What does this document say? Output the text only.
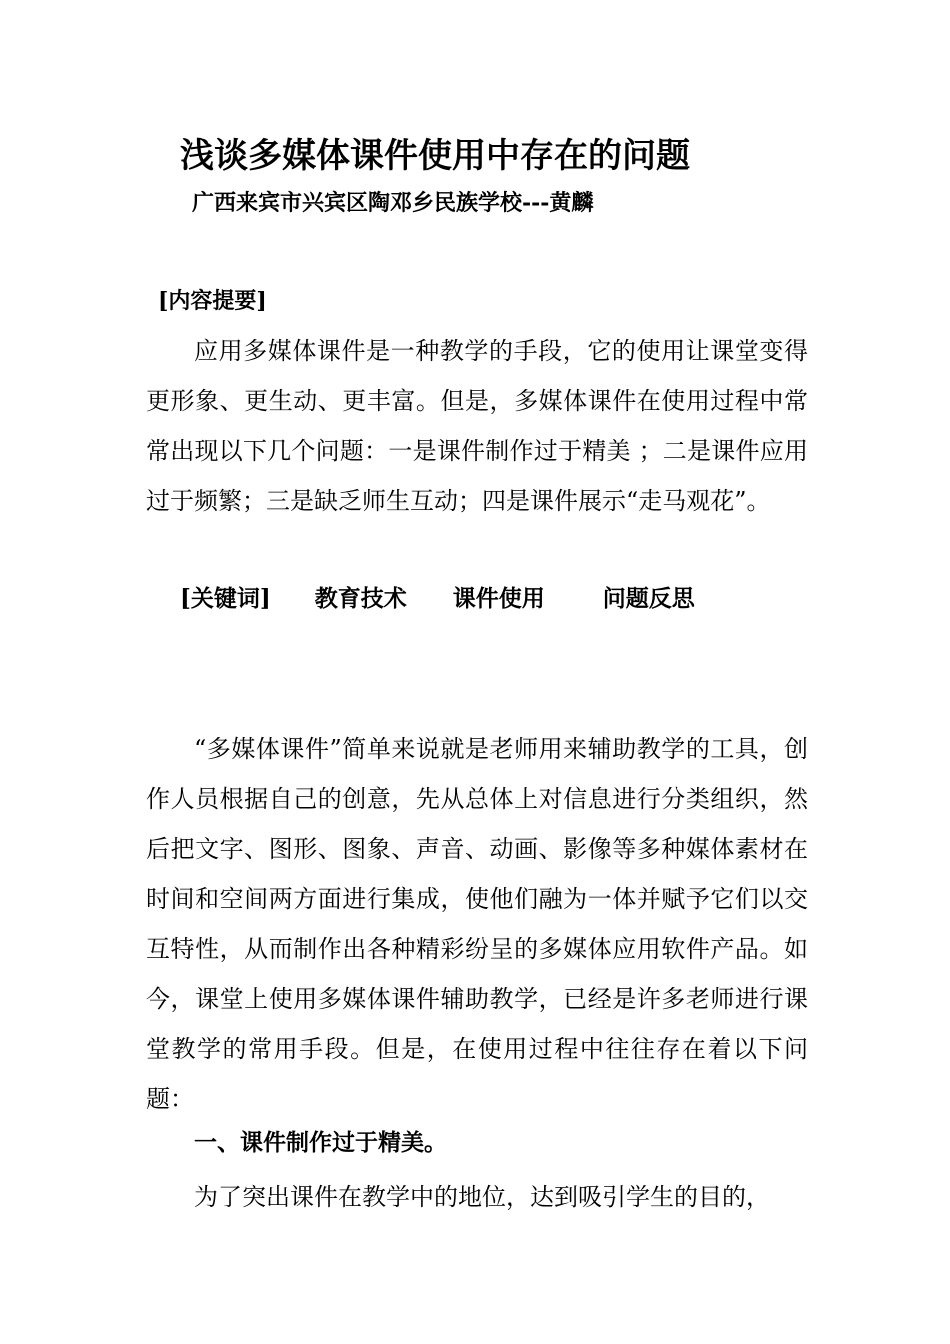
浅谈多媒体课件使用中存在的问题
广西来宾市兴宾区陶邓乡民族学校---黄麟
[内容提要]

应用多媒体课件是一种教学的手段，它的使用让课堂变得更形象、更生动、更丰富。但是，多媒体课件在使用过程中常常出现以下几个问题：一是课件制作过于精美 ；二是课件应用过于频繁；三是缺乏师生互动；四是课件展示“走马观花”。

[关键词] 教育技术 课件使用	问题反思

“多媒体课件”简单来说就是老师用来辅助教学的工具，创作人员根据自己的创意，先从总体上对信息进行分类组织，然后把文字、图形、图象、声音、动画、影像等多种媒体素材在时间和空间两方面进行集成，使他们融为一体并赋予它们以交互特性，从而制作出各种精彩纷呈的多媒体应用软件产品。如今，课堂上使用多媒体课件辅助教学，已经是许多老师进行课堂教学的常用手段。但是，在使用过程中往往存在着以下问题：

一、课件制作过于精美。

为了突出课件在教学中的地位，达到吸引学生的目的，
